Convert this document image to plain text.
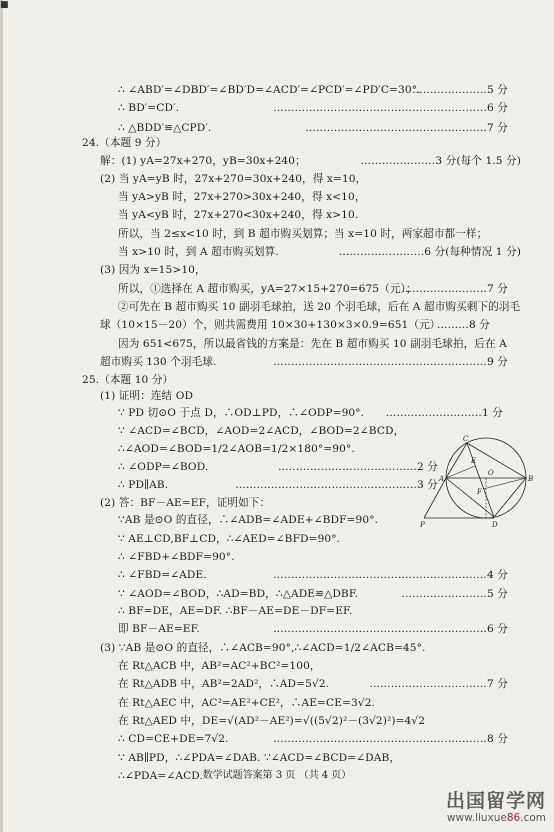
■
∴ ∠ABD′=∠DBD′=∠BD′D=∠ACD′=∠PCD′=∠PD′C=30°.
…………………5 分
∴ BD′=CD′.	……………………………………………………6 分
∴ △BDD′≌△CPD′.	……………………………………………7 分
24.（本题 9 分）
解：(1) yA=27x+270，yB=30x+240；	…………………3 分(每个 1.5 分)
(2) 当 yA=yB 时，27x+270=30x+240，得 x=10，
当 yA>yB 时，27x+270>30x+240，得 x<10，
当 yA<yB 时，27x+270<30x+240，得 x>10.
所以，当 2≤x<10 时，到 B 超市购买划算；当 x=10 时，两家超市都一样；
当 x>10 时，到 A 超市购买划算.	……………………6 分(每种情况 1 分)
(3) 因为 x=15>10，
所以，①选择在 A 超市购买，yA=27×15+270=675（元）；
……………………7 分
②可先在 B 超市购买 10 副羽毛球拍，送 20 个羽毛球，后在 A 超市购买剩下的羽毛
球（10×15－20）个，则共需费用 10×30+130×3×0.9=651（元）.
………8 分
因为 651<675，所以最省钱的方案是：先在 B 超市购买 10 副羽毛球拍，后在 A
超市购买 130 个羽毛球.	……………………………………………………9 分
25.（本题 10 分）
(1) 证明：连结 OD
∵ PD 切⊙O 于点 D，∴OD⊥PD，∴∠ODP=90°. ………………………1 分
∵ ∠ACD=∠BCD，∠AOD=2∠ACD，∠BOD=2∠BCD，
∴∠AOD=∠BOD=1/2∠AOB=1/2×180°=90°.
∴ ∠ODP=∠BOD.	…………………………………2 分
∴ PD∥AB.	……………………………………………3 分
(2) 答：BF－AE=EF，证明如下：
∵AB 是⊙O 的直径，∴∠ADB=∠ADE+∠BDF=90°.
∵ AE⊥CD,BF⊥CD，∴∠AED=∠BFD=90°.
∴ ∠FBD+∠BDF=90°.
∴ ∠FBD=∠ADE.	……………………………………………………4 分
∵ ∠AOD=∠BOD，∴AD=BD，∴△ADE≌△DBF.	……………………5 分
∴ BF=DE，AE=DF. ∴BF－AE=DE－DF=EF.
即 BF－AE=EF.	……………………………………………………6 分
(3) ∵AB 是⊙O 的直径，∴∠ACB=90°,∴∠ACD=1/2∠ACB=45°.
在 Rt△ACB 中，AB²=AC²+BC²=100，
在 Rt△ADB 中，AB²=2AD²，∴AD=5√2.	……………………………7 分
在 Rt△AEC 中，AC²=AE²+CE²，∴AE=CE=3√2.
在 Rt△AED 中，DE=√(AD²－AE²)=√((5√2)²－(3√2)²)=4√2
∴ CD=CE+DE=7√2.	……………………………………………………8 分
∵ AB∥PD，∴∠PDA=∠DAB. ∵∠ACD=∠BCD=∠DAB，
∴∠PDA=∠ACD.
C
E
O
A	B
F
P	D
数学试题答案第 3 页 （共 4 页）
出国留学网
www.liuxue86.com
